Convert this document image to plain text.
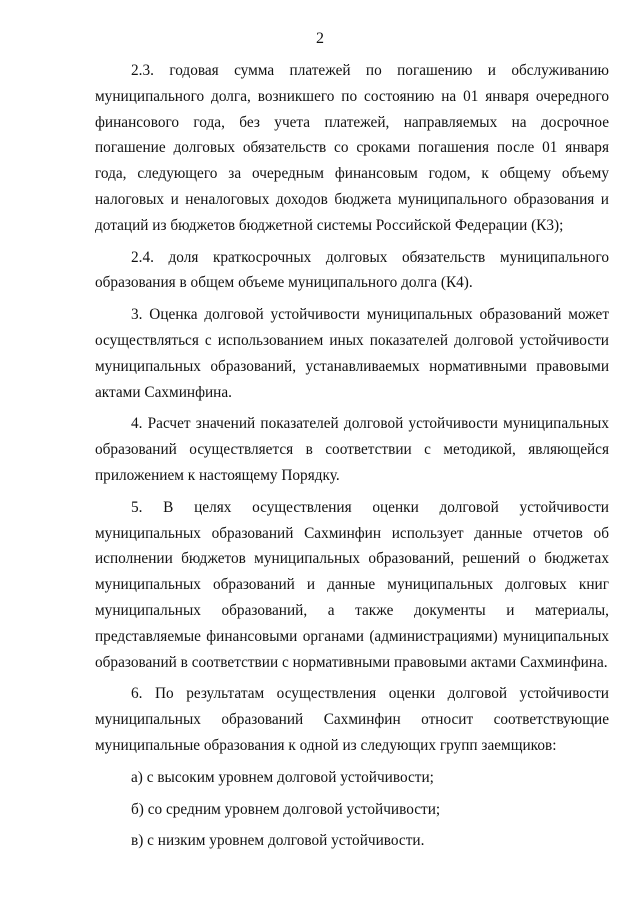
2

2.3. годовая сумма платежей по погашению и обслуживанию муниципального долга, возникшего по состоянию на 01 января очередного финансового года, без учета платежей, направляемых на досрочное погашение долговых обязательств со сроками погашения после 01 января года, следующего за очередным финансовым годом, к общему объему налоговых и неналоговых доходов бюджета муниципального образования и дотаций из бюджетов бюджетной системы Российской Федерации (К3);

2.4. доля краткосрочных долговых обязательств муниципального образования в общем объеме муниципального долга (К4).

3. Оценка долговой устойчивости муниципальных образований может осуществляться с использованием иных показателей долговой устойчивости муниципальных образований, устанавливаемых нормативными правовыми актами Сахминфина.

4. Расчет значений показателей долговой устойчивости муниципальных образований осуществляется в соответствии с методикой, являющейся приложением к настоящему Порядку.

5. В целях осуществления оценки долговой устойчивости муниципальных образований Сахминфин использует данные отчетов об исполнении бюджетов муниципальных образований, решений о бюджетах муниципальных образований и данные муниципальных долговых книг муниципальных образований, а также документы и материалы, представляемые финансовыми органами (администрациями) муниципальных образований в соответствии с нормативными правовыми актами Сахминфина.

6. По результатам осуществления оценки долговой устойчивости муниципальных образований Сахминфин относит соответствующие муниципальные образования к одной из следующих групп заемщиков:

а) с высоким уровнем долговой устойчивости;

б) со средним уровнем долговой устойчивости;

в) с низким уровнем долговой устойчивости.
